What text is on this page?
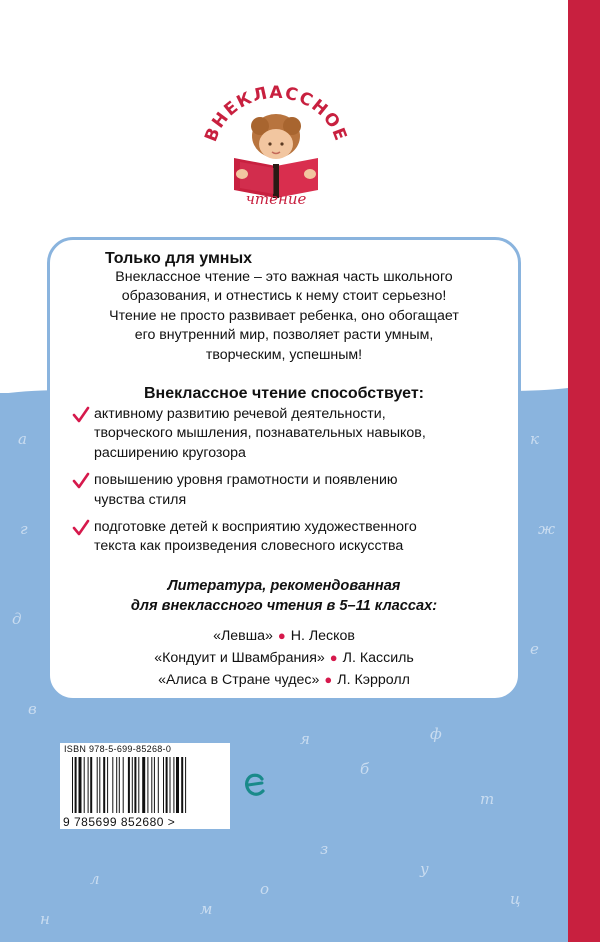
а
г
д
в
к
ж
е
я
б
ф
т
з
у
ц
л
м
н
о
ВНЕКЛАССНОЕ
чтение
Только для умных
Внеклассное чтение – это важная часть школьного
образования, и отнестись к нему стоит серьезно!
Чтение не просто развивает ребенка, оно обогащает
его внутренний мир, позволяет расти умным,
творческим, успешным!
Внеклассное чтение способствует:
активному развитию речевой деятельности,
творческого мышления, познавательных навыков,
расширению кругозора
повышению уровня грамотности и появлению
чувства стиля
подготовке детей к восприятию художественного
текста как произведения словесного искусства
Литература, рекомендованная
для внеклассного чтения в 5–11 классах:
«Левша» ● Н. Лесков
«Кондуит и Швамбрания» ● Л. Кассиль
«Алиса в Стране чудес» ● Л. Кэрролл
ISBN 978-5-699-85268-0
9 785699 852680 >
